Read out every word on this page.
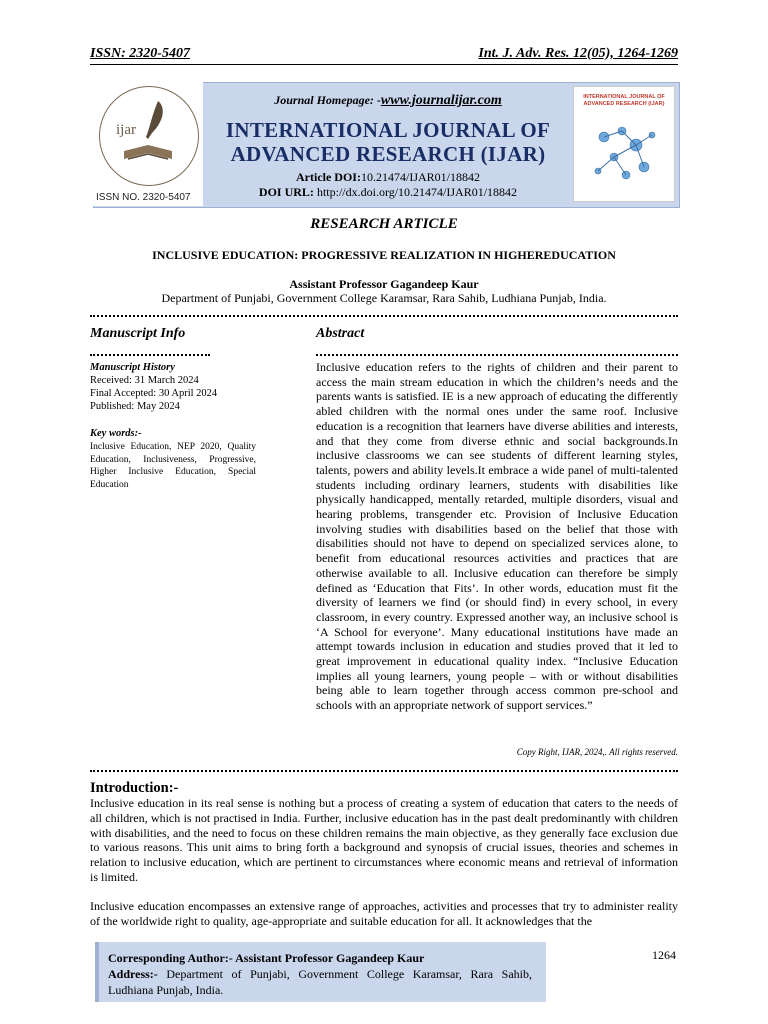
ISSN: 2320-5407	Int. J. Adv. Res. 12(05), 1264-1269
ijar
ISSN NO. 2320-5407
Journal Homepage: -www.journalijar.com
INTERNATIONAL JOURNAL OF
ADVANCED RESEARCH (IJAR)
Article DOI:10.21474/IJAR01/18842
DOI URL: http://dx.doi.org/10.21474/IJAR01/18842
INTERNATIONAL JOURNAL OF ADVANCED RESEARCH (IJAR)
RESEARCH ARTICLE
INCLUSIVE EDUCATION: PROGRESSIVE REALIZATION IN HIGHEREDUCATION
Assistant Professor Gagandeep Kaur
Department of Punjabi, Government College Karamsar, Rara Sahib, Ludhiana Punjab, India.
Manuscript Info
Manuscript History
Received: 31 March 2024
Final Accepted: 30 April 2024
Published: May 2024
Key words:-
Inclusive Education, NEP 2020, Quality Education, Inclusiveness, Progressive, Higher Inclusive Education, Special Education
Abstract
Inclusive education refers to the rights of children and their parent to access the main stream education in which the children’s needs and the parents wants is satisfied. IE is a new approach of educating the differently abled children with the normal ones under the same roof. Inclusive education is a recognition that learners have diverse abilities and interests, and that they come from diverse ethnic and social backgrounds.In inclusive classrooms we can see students of different learning styles, talents, powers and ability levels.It embrace a wide panel of multi-talented students including ordinary learners, students with disabilities like physically handicapped, mentally retarded, multiple disorders, visual and hearing problems, transgender etc. Provision of Inclusive Education involving studies with disabilities based on the belief that those with disabilities should not have to depend on specialized services alone, to benefit from educational resources activities and practices that are otherwise available to all. Inclusive education can therefore be simply defined as ‘Education that Fits’. In other words, education must fit the diversity of learners we find (or should find) in every school, in every classroom, in every country. Expressed another way, an inclusive school is ‘A School for everyone’. Many educational institutions have made an attempt towards inclusion in education and studies proved that it led to great improvement in educational quality index. “Inclusive Education implies all young learners, young people – with or without disabilities being able to learn together through access common pre-school and schools with an appropriate network of support services.”
Copy Right, IJAR, 2024,. All rights reserved.
Introduction:-
Inclusive education in its real sense is nothing but a process of creating a system of education that caters to the needs of all children, which is not practised in India. Further, inclusive education has in the past dealt predominantly with children with disabilities, and the need to focus on these children remains the main objective, as they generally face exclusion due to various reasons. This unit aims to bring forth a background and synopsis of crucial issues, theories and schemes in relation to inclusive education, which are pertinent to circumstances where economic means and retrieval of information is limited.
Inclusive education encompasses an extensive range of approaches, activities and processes that try to administer reality of the worldwide right to quality, age-appropriate and suitable education for all. It acknowledges that the
Corresponding Author:- Assistant Professor Gagandeep Kaur
Address:- Department of Punjabi, Government College Karamsar, Rara Sahib, Ludhiana Punjab, India.
1264
